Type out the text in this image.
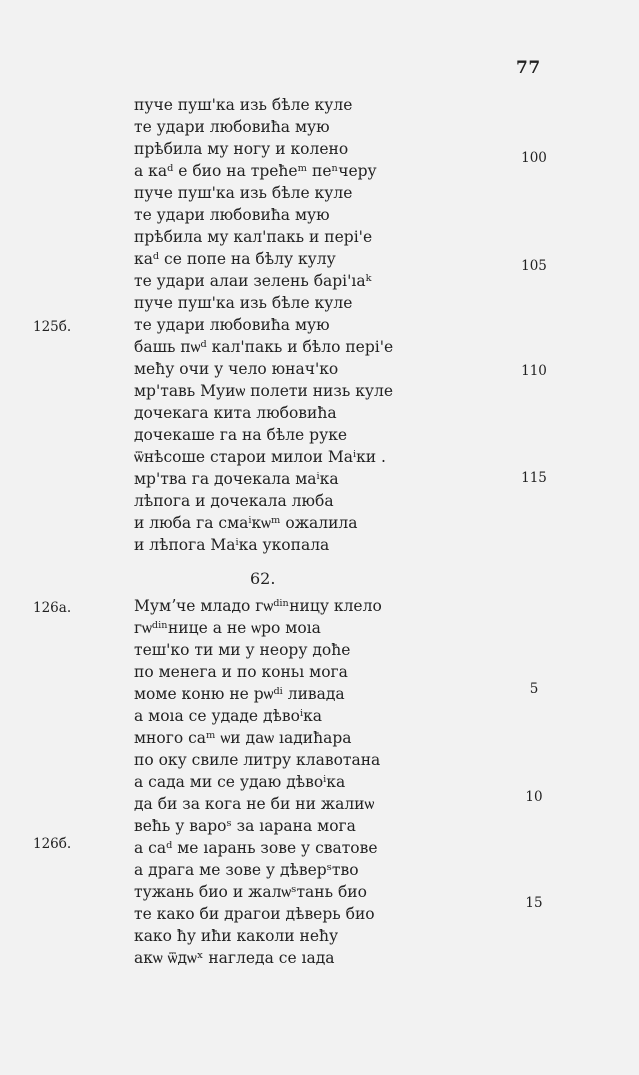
77
пуче пуш'ка изь бѣле куле
те удари любовиħа мую
прѣбила му ногу и колено
а каᵈ е био на треħеᵐ пеⁿчеру
пуче пуш'ка изь бѣле куле
те удари любовиħа мую
прѣбила му кал'пакь и пері'е
каᵈ се попе на бѣлу кулу
те удари алаи зелень барі'ıаᵏ
пуче пуш'ка изь бѣле куле
те удари любовиħа мую
башь пѡᵈ кал'пакь и бѣло пері'е
меħу очи у чело юнач'ко
мр'тавь Муиѡ полети низь куле
дочекага кита любовиħа
дочекаше га на бѣле руке
ѿнѣсоше старои милои Маⁱки .
мр'тва га дочекала маⁱка
лѣпога и дочекала люба
и люба га смаⁱкѡᵐ ожалила
и лѣпога Маⁱка укопала
100
105
110
115
125б.
62.
Мумʼче младо гѡᵈⁱⁿницу клело
гѡᵈⁱⁿнице а не ѡро моıа
теш'ко ти ми у неору доħе
по менега и по коньı мога
моме коню не рѡᵈⁱ ливада
а моıа се удаде дѣвоⁱка
много саᵐ ѡи даѡ ıадиħара
по оку свиле литру клавотана
а сада ми се удаю дѣвоⁱка
да би за кога не би ни жалиѡ
веħь у вароˢ за ıарана мога
а саᵈ ме ıарань зове у сватове
а драга ме зове у дѣверˢтво
тужань био и жалѡˢтань био
те како би драгои дѣверь био
како ħу иħи каколи неħу
акѡ ѿдѡˣ нагледа се ıада
5
10
15
126а.
126б.
